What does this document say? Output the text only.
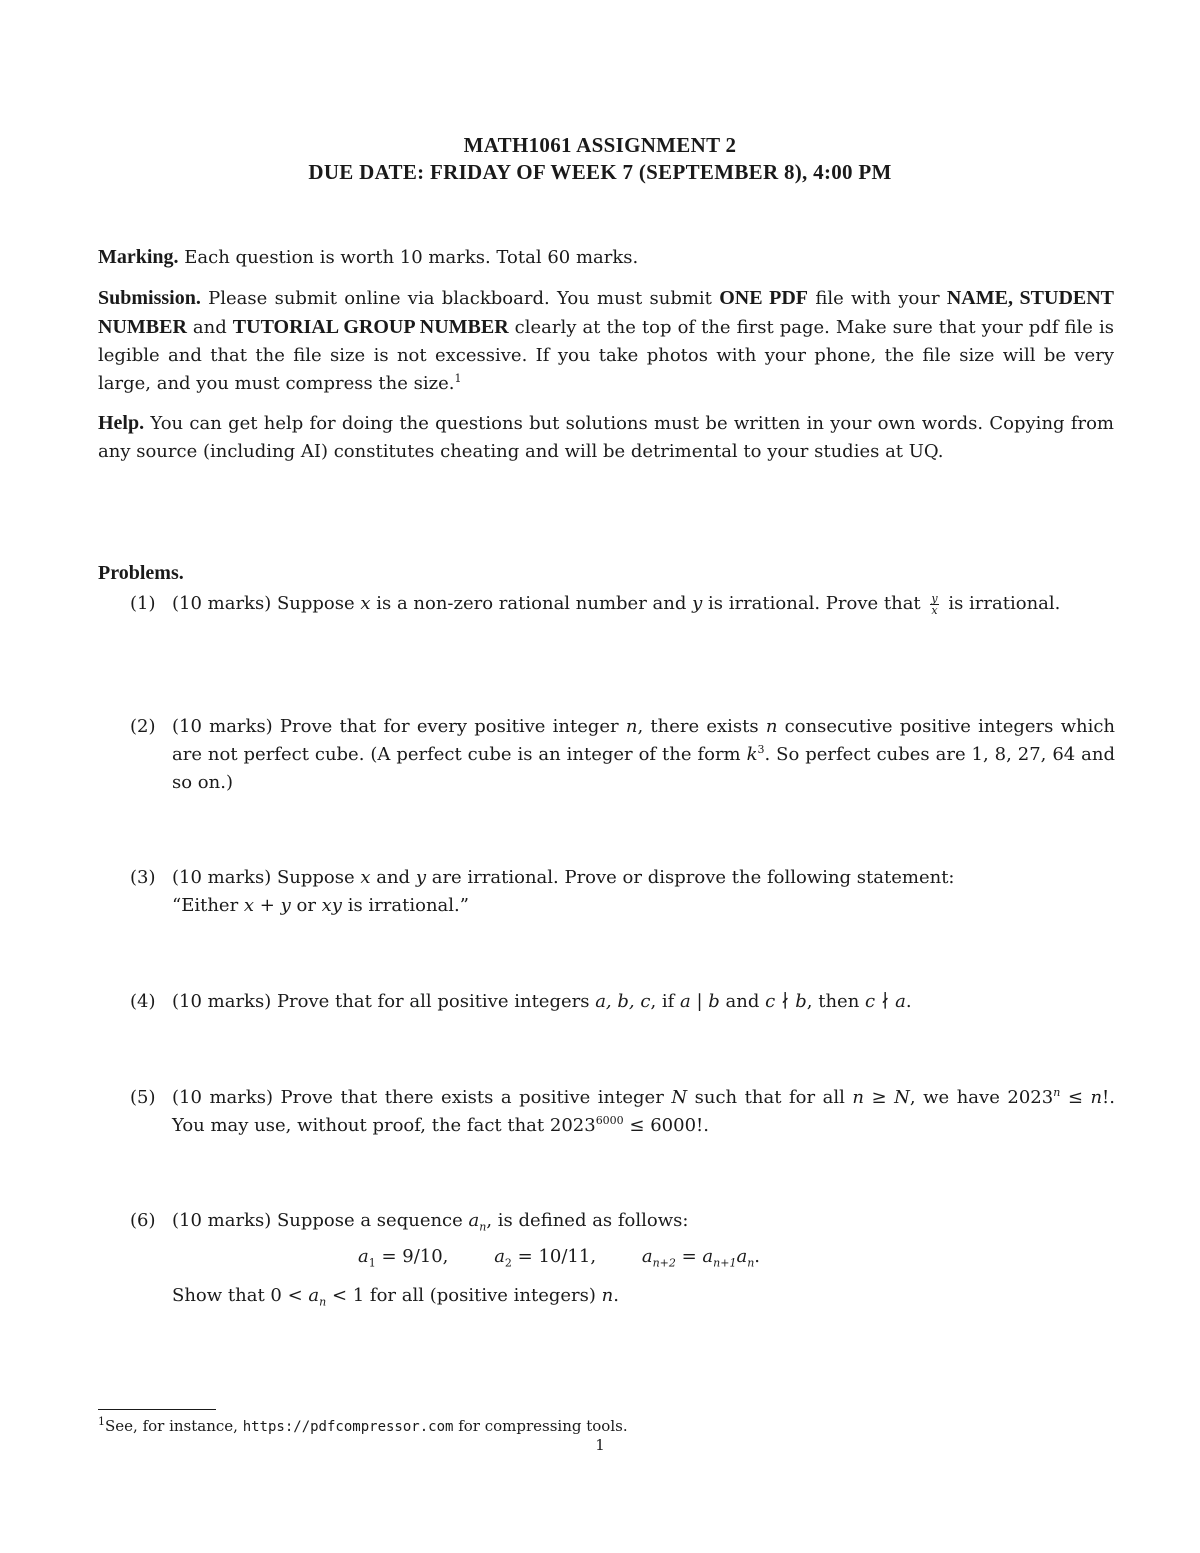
MATH1061 ASSIGNMENT 2
DUE DATE: FRIDAY OF WEEK 7 (SEPTEMBER 8), 4:00 PM
Marking. Each question is worth 10 marks. Total 60 marks.
Submission. Please submit online via blackboard. You must submit ONE PDF file with your NAME, STUDENT NUMBER and TUTORIAL GROUP NUMBER clearly at the top of the first page. Make sure that your pdf file is legible and that the file size is not excessive. If you take photos with your phone, the file size will be very large, and you must compress the size.$^1$
Help. You can get help for doing the questions but solutions must be written in your own words. Copying from any source (including AI) constitutes cheating and will be detrimental to your studies at UQ.
Problems.
(1) (10 marks) Suppose x is a non-zero rational number and y is irrational. Prove that $\frac{y}{x}$ is irrational.
(2) (10 marks) Prove that for every positive integer n, there exists n consecutive positive integers which are not perfect cube. (A perfect cube is an integer of the form $k^3$. So perfect cubes are 1, 8, 27, 64 and so on.)
(3) (10 marks) Suppose x and y are irrational. Prove or disprove the following statement:
“Either x + y or xy is irrational.”
(4) (10 marks) Prove that for all positive integers a, b, c, if a | b and c ∤ b, then c ∤ a.
(5) (10 marks) Prove that there exists a positive integer N such that for all n ≥ N, we have $2023^n \le n$!. You may use, without proof, the fact that $2023^{6000} \le 6000$!.
(6) (10 marks) Suppose a sequence $a_n$, is defined as follows:
$a_1 = 9/10$,	$a_2 = 10/11$,	$a_{n+2} = a_{n+1}a_n$.
Show that $0 < a_n < 1$ for all (positive integers) n.
$^1$See, for instance, https://pdfcompressor.com for compressing tools.
1
